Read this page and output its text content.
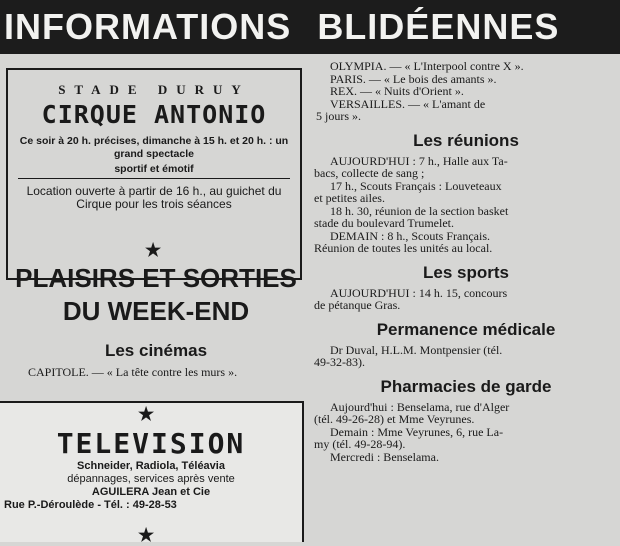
INFORMATIONS BLIDÉENNES
STADE DURUY
CIRQUE ANTONIO
Ce soir à 20 h. précises, dimanche à 15 h. et 20 h. : un grand spectacle
sportif et émotif
Location ouverte à partir de 16 h., au guichet du Cirque pour les trois séances
★
PLAISIRS ET SORTIES
DU WEEK-END
Les cinémas
CAPITOLE. — « La tête contre les murs ».
★
TELEVISION
Schneider, Radiola, Téléavia
dépannages, services après vente
AGUILERA Jean et Cie
Rue P.-Déroulède - Tél. : 49-28-53
★
OLYMPIA. — « L'Interpool contre X ».
PARIS. — « Le bois des amants ».
REX. — « Nuits d'Orient ».
VERSAILLES. — « L'amant de
5 jours ».
Les réunions
AUJOURD'HUI : 7 h., Halle aux Ta-
bacs, collecte de sang ;
17 h., Scouts Français : Louveteaux
et petites ailes.
18 h. 30, réunion de la section basket
stade du boulevard Trumelet.
DEMAIN : 8 h., Scouts Français.
Réunion de toutes les unités au local.
Les sports
AUJOURD'HUI : 14 h. 15, concours
de pétanque Gras.
Permanence médicale
Dr Duval, H.L.M. Montpensier (tél.
49-32-83).
Pharmacies de garde
Aujourd'hui : Benselama, rue d'Alger
(tél. 49-26-28) et Mme Veyrunes.
Demain : Mme Veyrunes, 6, rue La-
my (tél. 49-28-94).
Mercredi : Benselama.
